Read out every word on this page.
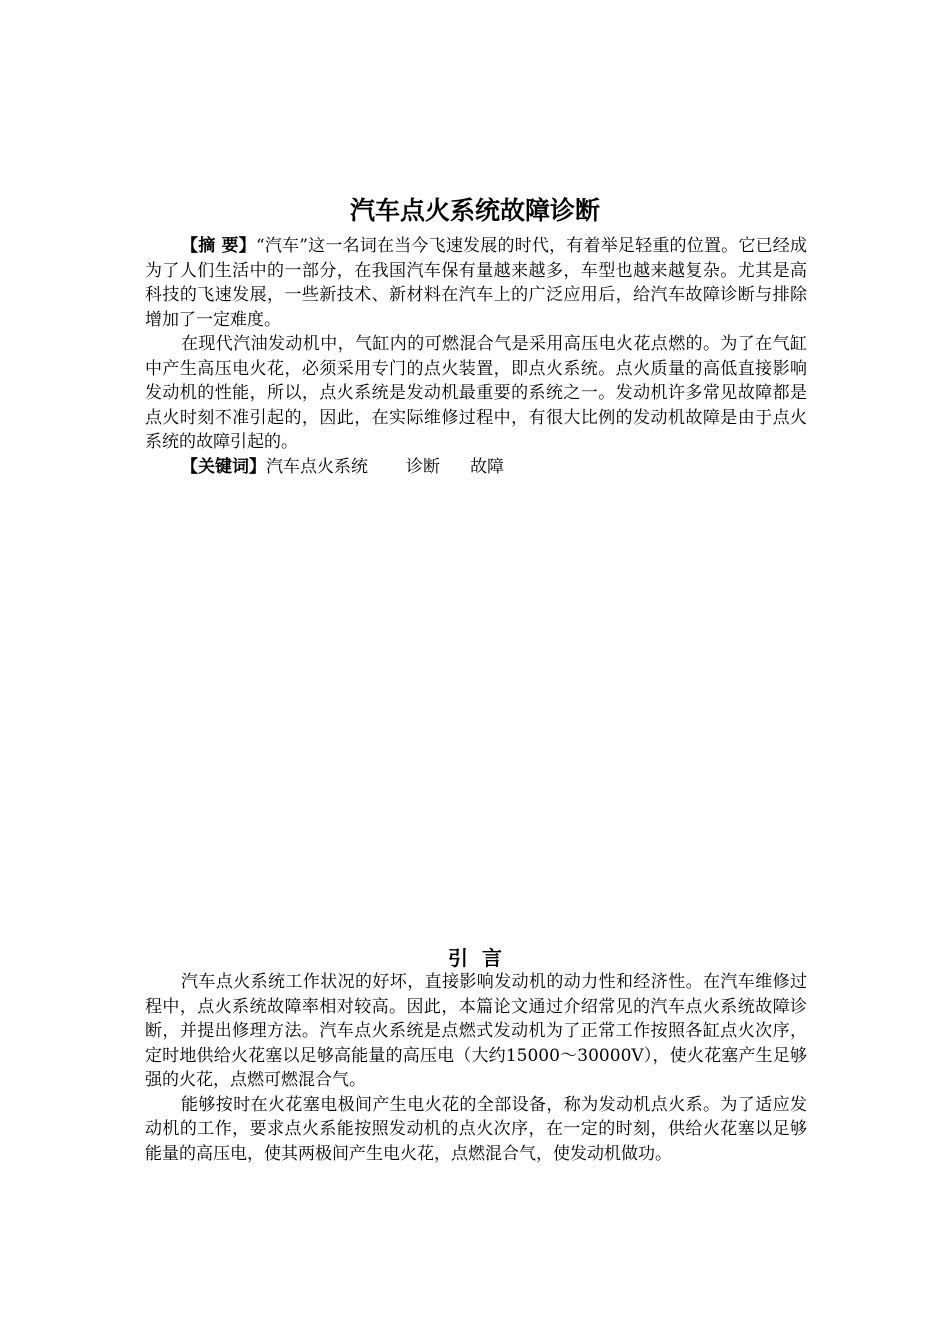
汽车点火系统故障诊断

【摘 要】“汽车”这一名词在当今飞速发展的时代，有着举足轻重的位置。它已经成为了人们生活中的一部分，在我国汽车保有量越来越多，车型也越来越复杂。尤其是高科技的飞速发展，一些新技术、新材料在汽车上的广泛应用后，给汽车故障诊断与排除增加了一定难度。

在现代汽油发动机中，气缸内的可燃混合气是采用高压电火花点燃的。为了在气缸中产生高压电火花，必须采用专门的点火装置，即点火系统。点火质量的高低直接影响发动机的性能，所以，点火系统是发动机最重要的系统之一。发动机许多常见故障都是点火时刻不准引起的，因此，在实际维修过程中，有很大比例的发动机故障是由于点火系统的故障引起的。

【关键词】汽车点火系统 诊断 故障

引言

汽车点火系统工作状况的好坏，直接影响发动机的动力性和经济性。在汽车维修过程中，点火系统故障率相对较高。因此，本篇论文通过介绍常见的汽车点火系统故障诊断，并提出修理方法。汽车点火系统是点燃式发动机为了正常工作按照各缸点火次序，定时地供给火花塞以足够高能量的高压电（大约15000～30000V），使火花塞产生足够强的火花，点燃可燃混合气。

能够按时在火花塞电极间产生电火花的全部设备，称为发动机点火系。为了适应发动机的工作，要求点火系能按照发动机的点火次序，在一定的时刻，供给火花塞以足够能量的高压电，使其两极间产生电火花，点燃混合气，使发动机做功。
